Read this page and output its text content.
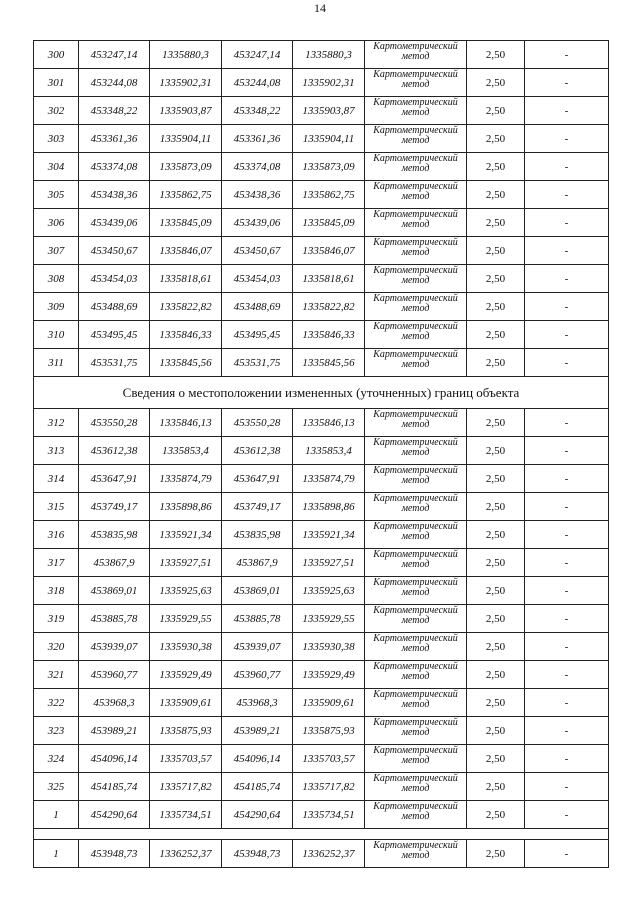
14
300	453247,14	1335880,3	453247,14	1335880,3	Картометрический метод	2,50	-
301	453244,08	1335902,31	453244,08	1335902,31	Картометрический метод	2,50	-
302	453348,22	1335903,87	453348,22	1335903,87	Картометрический метод	2,50	-
303	453361,36	1335904,11	453361,36	1335904,11	Картометрический метод	2,50	-
304	453374,08	1335873,09	453374,08	1335873,09	Картометрический метод	2,50	-
305	453438,36	1335862,75	453438,36	1335862,75	Картометрический метод	2,50	-
306	453439,06	1335845,09	453439,06	1335845,09	Картометрический метод	2,50	-
307	453450,67	1335846,07	453450,67	1335846,07	Картометрический метод	2,50	-
308	453454,03	1335818,61	453454,03	1335818,61	Картометрический метод	2,50	-
309	453488,69	1335822,82	453488,69	1335822,82	Картометрический метод	2,50	-
310	453495,45	1335846,33	453495,45	1335846,33	Картометрический метод	2,50	-
311	453531,75	1335845,56	453531,75	1335845,56	Картометрический метод	2,50	-
Сведения о местоположении измененных (уточненных) границ объекта							
312	453550,28	1335846,13	453550,28	1335846,13	Картометрический метод	2,50	-
313	453612,38	1335853,4	453612,38	1335853,4	Картометрический метод	2,50	-
314	453647,91	1335874,79	453647,91	1335874,79	Картометрический метод	2,50	-
315	453749,17	1335898,86	453749,17	1335898,86	Картометрический метод	2,50	-
316	453835,98	1335921,34	453835,98	1335921,34	Картометрический метод	2,50	-
317	453867,9	1335927,51	453867,9	1335927,51	Картометрический метод	2,50	-
318	453869,01	1335925,63	453869,01	1335925,63	Картометрический метод	2,50	-
319	453885,78	1335929,55	453885,78	1335929,55	Картометрический метод	2,50	-
320	453939,07	1335930,38	453939,07	1335930,38	Картометрический метод	2,50	-
321	453960,77	1335929,49	453960,77	1335929,49	Картометрический метод	2,50	-
322	453968,3	1335909,61	453968,3	1335909,61	Картометрический метод	2,50	-
323	453989,21	1335875,93	453989,21	1335875,93	Картометрический метод	2,50	-
324	454096,14	1335703,57	454096,14	1335703,57	Картометрический метод	2,50	-
325	454185,74	1335717,82	454185,74	1335717,82	Картометрический метод	2,50	-
1	454290,64	1335734,51	454290,64	1335734,51	Картометрический метод	2,50	-

1	453948,73	1336252,37	453948,73	1336252,37	Картометрический метод	2,50	-
